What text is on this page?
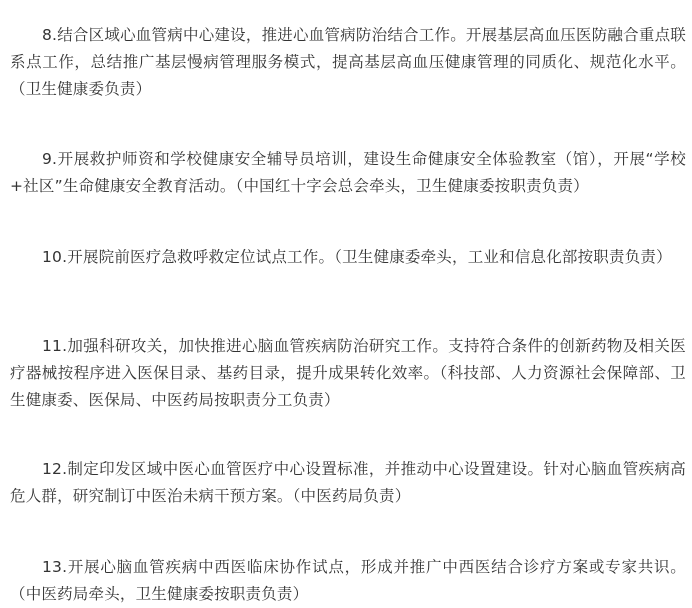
8.结合区域心血管病中心建设，推进心血管病防治结合工作。开展基层高血压医防融合重点联系点工作，总结推广基层慢病管理服务模式，提高基层高血压健康管理的同质化、规范化水平。（卫生健康委负责）

9.开展救护师资和学校健康安全辅导员培训，建设生命健康安全体验教室（馆），开展“学校+社区”生命健康安全教育活动。（中国红十字会总会牵头，卫生健康委按职责负责）

10.开展院前医疗急救呼救定位试点工作。（卫生健康委牵头，工业和信息化部按职责负责）

11.加强科研攻关，加快推进心脑血管疾病防治研究工作。支持符合条件的创新药物及相关医疗器械按程序进入医保目录、基药目录，提升成果转化效率。（科技部、人力资源社会保障部、卫生健康委、医保局、中医药局按职责分工负责）

12.制定印发区域中医心血管医疗中心设置标准，并推动中心设置建设。针对心脑血管疾病高危人群，研究制订中医治未病干预方案。（中医药局负责）

13.开展心脑血管疾病中西医临床协作试点，形成并推广中西医结合诊疗方案或专家共识。（中医药局牵头，卫生健康委按职责负责）
